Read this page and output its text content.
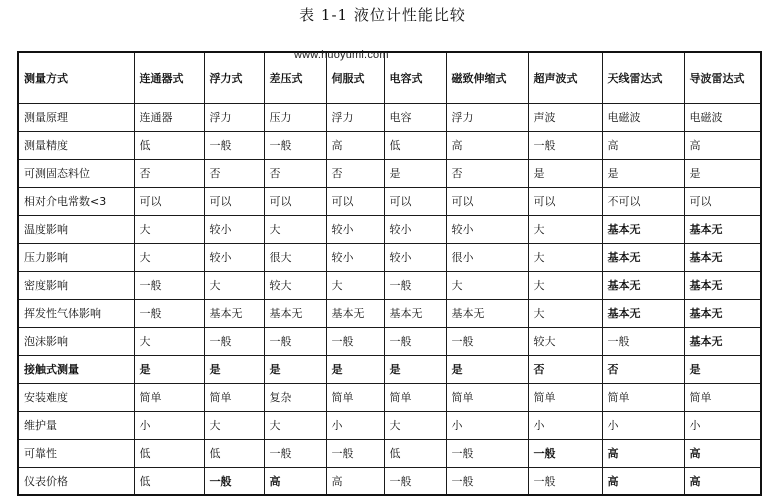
表 1-1 液位计性能比较
测量方式	连通器式	浮力式	差压式	伺服式	电容式	磁致伸缩式	超声波式	天线雷达式	导波雷达式
测量原理	连通器	浮力	压力	浮力	电容	浮力	声波	电磁波	电磁波
测量精度	低	一般	一般	高	低	高	一般	高	高
可测固态料位	否	否	否	否	是	否	是	是	是
相对介电常数<3	可以	可以	可以	可以	可以	可以	可以	不可以	可以
温度影响	大	较小	大	较小	较小	较小	大	基本无	基本无
压力影响	大	较小	很大	较小	较小	很小	大	基本无	基本无
密度影响	一般	大	较大	大	一般	大	大	基本无	基本无
挥发性气体影响	一般	基本无	基本无	基本无	基本无	基本无	大	基本无	基本无
泡沫影响	大	一般	一般	一般	一般	一般	较大	一般	基本无
接触式测量	是	是	是	是	是	是	否	否	是
安装难度	简单	简单	复杂	简单	简单	简单	简单	简单	简单
维护量	小	大	大	小	大	小	小	小	小
可靠性	低	低	一般	一般	低	一般	一般	高	高
仪表价格	低	一般	高	高	一般	一般	一般	高	高
www.huoyumi.com
